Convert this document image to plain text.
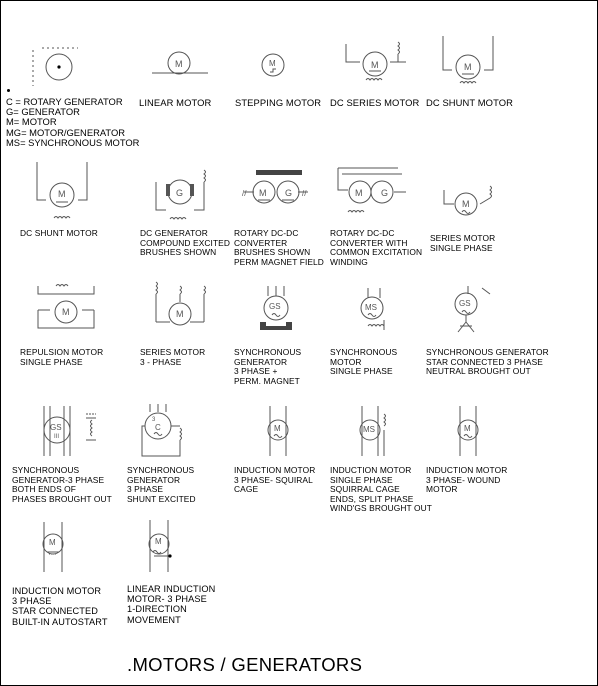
M	M	M	M
M	G	M G
//	//	M G
M
M	M
GS	MS	GS
GS
III
3
C	M	MS	M
M	M
C = ROTARY GENERATOR
G= GENERATOR
M= MOTOR
MG= MOTOR/GENERATOR
MS= SYNCHRONOUS MOTOR
LINEAR MOTOR	STEPPING MOTOR DC SERIES MOTOR DC SHUNT MOTOR
DC SHUNT MOTOR	DC GENERATOR
COMPOUND EXCITED
BRUSHES SHOWN
ROTARY DC-DC
CONVERTER
BRUSHES SHOWN
PERM MAGNET FIELD
ROTARY DC-DC
CONVERTER WITH
COMMON EXCITATION
WINDING
SERIES MOTOR
SINGLE PHASE
REPULSION MOTOR
SINGLE PHASE
SERIES MOTOR
3 - PHASE
SYNCHRONOUS
GENERATOR
3 PHASE +
PERM. MAGNET
SYNCHRONOUS
MOTOR
SINGLE PHASE
SYNCHRONOUS GENERATOR
STAR CONNECTED 3 PHASE
NEUTRAL BROUGHT OUT
SYNCHRONOUS
GENERATOR-3 PHASE
BOTH ENDS OF
PHASES BROUGHT OUT
SYNCHRONOUS
GENERATOR
3 PHASE
SHUNT EXCITED
INDUCTION MOTOR
3 PHASE- SQUIRAL
CAGE
INDUCTION MOTOR
SINGLE PHASE
SQUIRRAL CAGE
ENDS, SPLIT PHASE
WIND'GS BROUGHT OUT
INDUCTION MOTOR
3 PHASE- WOUND
MOTOR
INDUCTION MOTOR
3 PHASE
STAR CONNECTED
BUILT-IN AUTOSTART
LINEAR INDUCTION
MOTOR- 3 PHASE
1-DIRECTION
MOVEMENT
.MOTORS / GENERATORS
